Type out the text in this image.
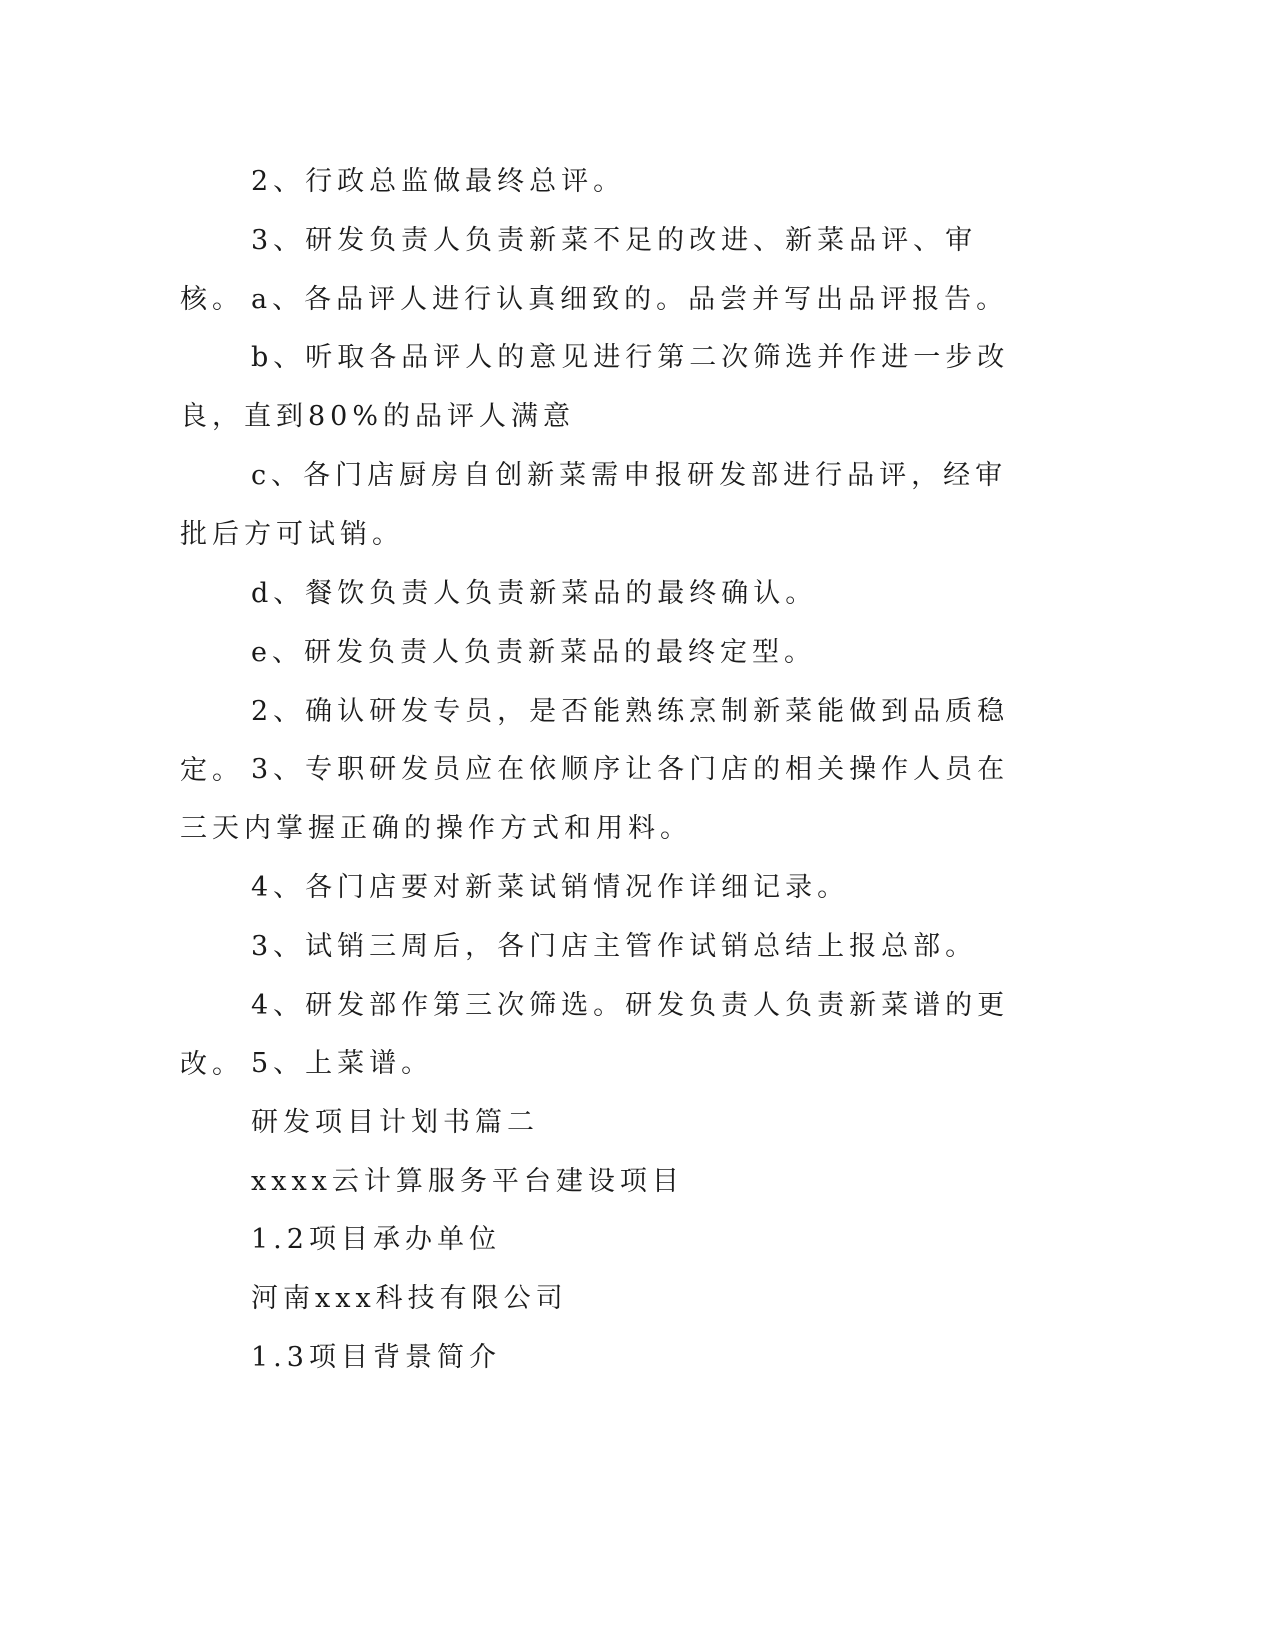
2、行政总监做最终总评。

3、研发负责人负责新菜不足的改进、新菜品评、审核。 a、各品评人进行认真细致的。品尝并写出品评报告。

b、听取各品评人的意见进行第二次筛选并作进一步改良，直到80%的品评人满意

c、各门店厨房自创新菜需申报研发部进行品评，经审批后方可试销。

d、餐饮负责人负责新菜品的最终确认。

e、研发负责人负责新菜品的最终定型。

2、确认研发专员，是否能熟练烹制新菜能做到品质稳定。 3、专职研发员应在依顺序让各门店的相关操作人员在三天内掌握正确的操作方式和用料。

4、各门店要对新菜试销情况作详细记录。

3、试销三周后，各门店主管作试销总结上报总部。

4、研发部作第三次筛选。研发负责人负责新菜谱的更改。 5、上菜谱。

研发项目计划书篇二

xxxx云计算服务平台建设项目

1.2项目承办单位

河南xxx科技有限公司

1.3项目背景简介
